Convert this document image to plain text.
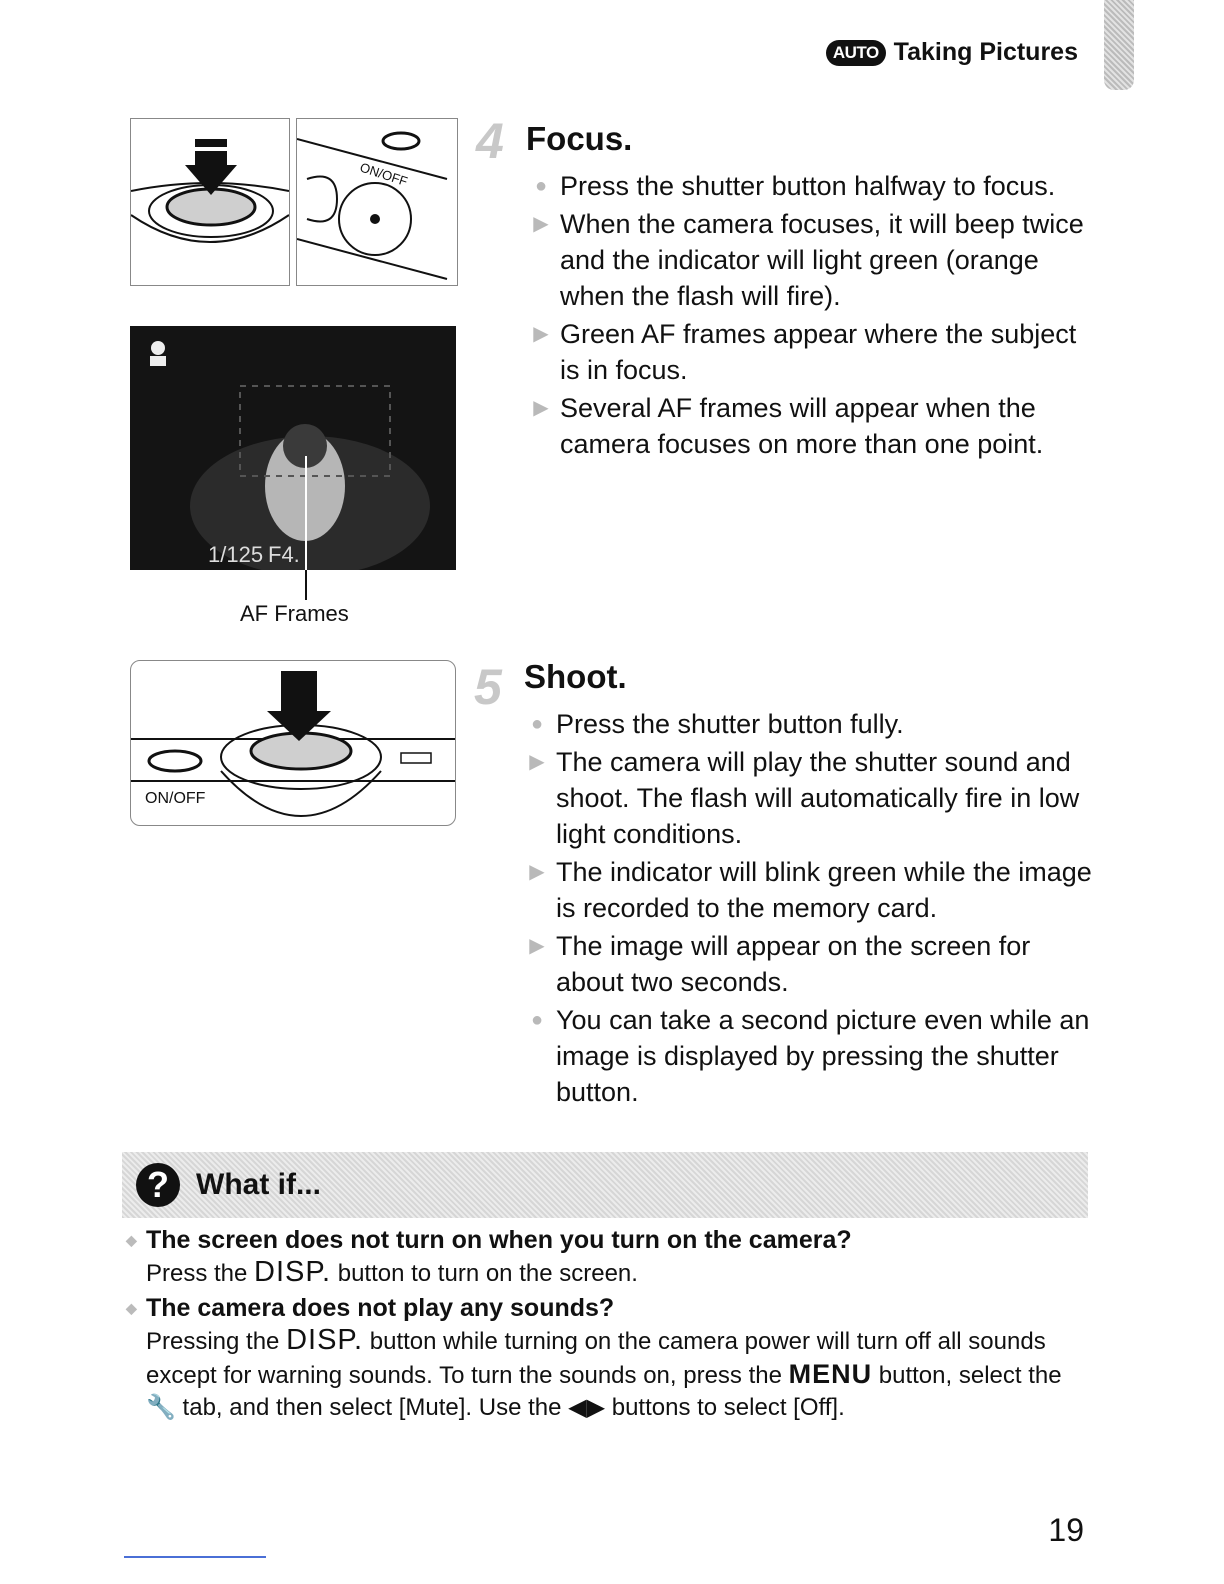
AUTO Taking Pictures
ON/OFF
1/125 F4.
AF Frames
4 Focus.
● Press the shutter button halfway to focus.
▶ When the camera focuses, it will beep twice and the indicator will light green (orange when the flash will fire).
▶ Green AF frames appear where the subject is in focus.
▶ Several AF frames will appear when the camera focuses on more than one point.
ON/OFF
5 Shoot.
● Press the shutter button fully.
▶ The camera will play the shutter sound and shoot. The flash will automatically fire in low light conditions.
▶ The indicator will blink green while the image is recorded to the memory card.
▶ The image will appear on the screen for about two seconds.
● You can take a second picture even while an image is displayed by pressing the shutter button.
? What if...
◆ The screen does not turn on when you turn on the camera?
Press the DISP. button to turn on the screen.
◆ The camera does not play any sounds?
Pressing the DISP. button while turning on the camera power will turn off all sounds except for warning sounds. To turn the sounds on, press the MENU button, select the 🔧 tab, and then select [Mute]. Use the ◀▶ buttons to select [Off].
19
